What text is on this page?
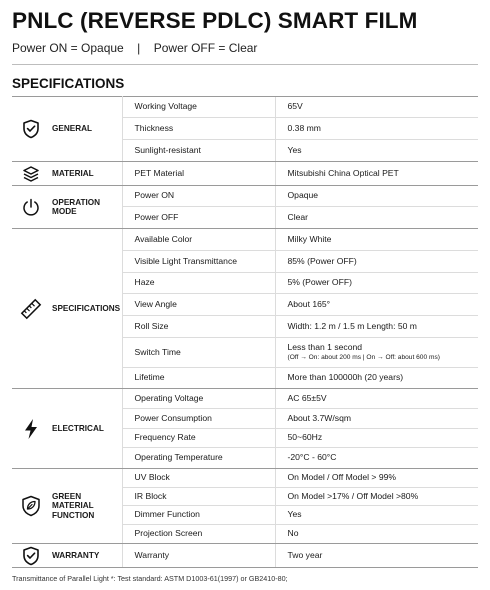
PNLC (REVERSE PDLC) SMART FILM
Power ON = Opaque | Power OFF = Clear
SPECIFICATIONS
	GENERAL	Working Voltage	65V
		Thickness	0.38 mm
		Sunlight-resistant	Yes

	MATERIAL	PET Material	Mitsubishi China Optical PET

	OPERATION MODE	Power ON	Opaque
		Power OFF	Clear

	SPECIFICATIONS	Available Color	Milky White
		Visible Light Transmittance	85% (Power OFF)
		Haze	5% (Power OFF)
		View Angle	About 165°
		Roll Size	Width: 1.2 m / 1.5 m Length: 50 m
		Switch Time	Less than 1 second
(Off → On: about 200 ms | On → Off: about 600 ms)

		Lifetime	More than 100000h (20 years)

	ELECTRICAL	Operating Voltage	AC 65±5V
		Power Consumption	About 3.7W/sqm
		Frequency Rate	50~60Hz
		Operating Temperature	-20°C - 60°C

	GREEN MATERIAL FUNCTION	UV Block	On Model / Off Model > 99%
		IR Block	On Model >17% / Off Model >80%
		Dimmer Function	Yes
		Projection Screen	No

	WARRANTY	Warranty	Two year
Transmittance of Parallel Light *: Test standard: ASTM D1003-61(1997) or GB2410-80;
